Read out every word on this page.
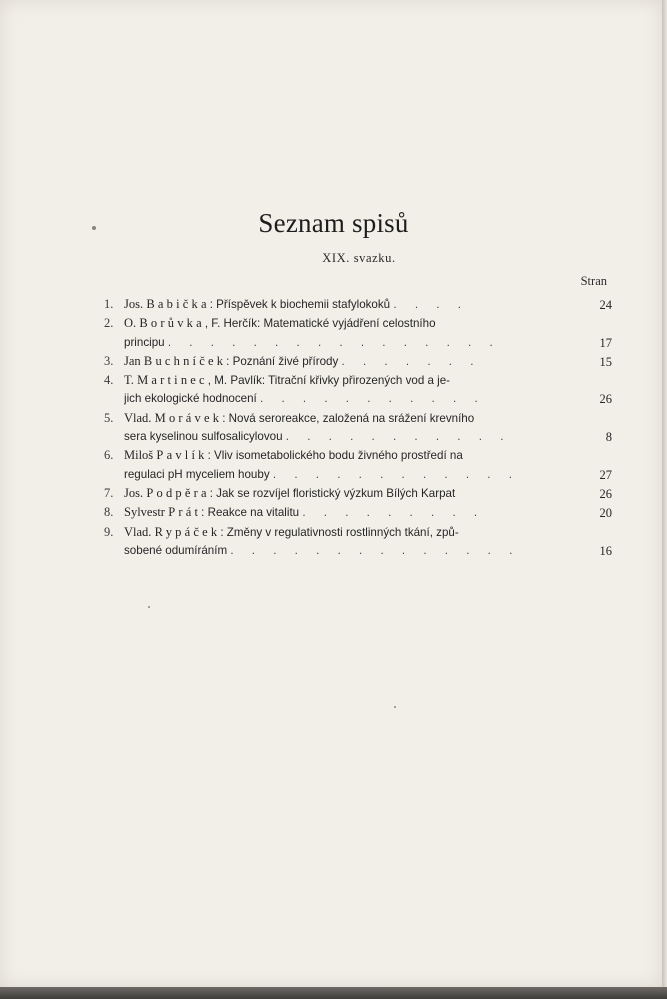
Seznam spisů
XIX. svazku.
Stran
1. Jos. Babička: Příspěvek k biochemii stafylokoků . . . .	24
2. O. Borůvka, F. Herčík: Matematické vyjádření celostního
principu . . . . . . . . . . . . . . . .	17
3. Jan Buchníček: Poznání živé přírody . . . . . . .	15
4. T. Martinec, M. Pavlík: Titrační křivky přirozených vod a je-
jich ekologické hodnocení . . . . . . . . . . .	26
5. Vlad. Morávek: Nová seroreakce, založená na srážení krevního
sera kyselinou sulfosalicylovou . . . . . . . . . . .	8
6. Miloš Pavlík: Vliv isometabolického bodu živného prostředí na
regulaci pH myceliem houby . . . . . . . . . . . .	27
7. Jos. Podpěra: Jak se rozvíjel floristický výzkum Bílých Karpat	26
8. Sylvestr Prát: Reakce na vitalitu . . . . . . . . .	20
9. Vlad. Rypáček: Změny v regulativnosti rostlinných tkání, způ-
sobené odumíráním . . . . . . . . . . . . . .	16
